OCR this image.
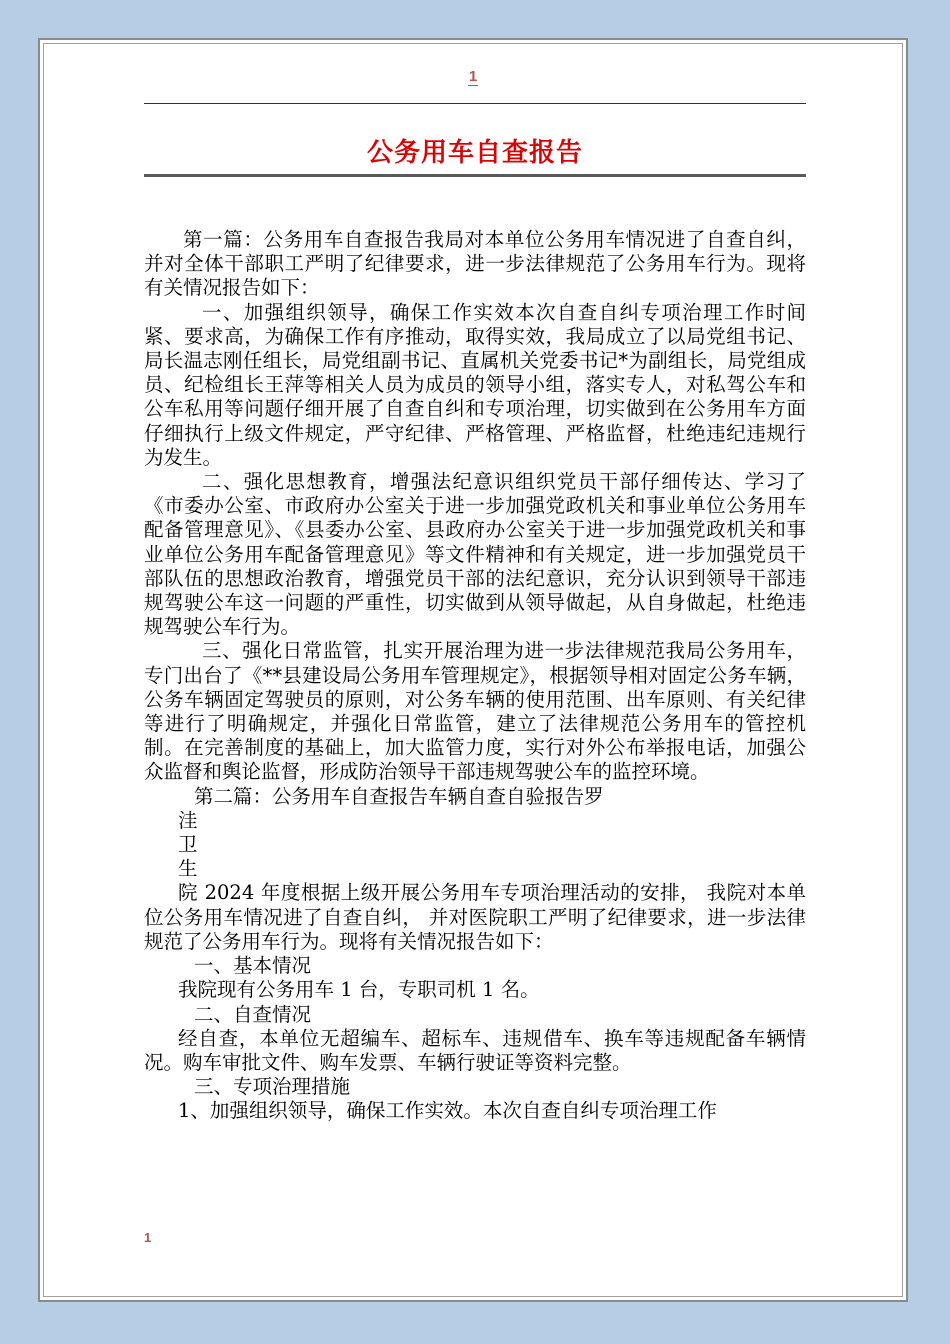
1
公务用车自查报告

第一篇：公务用车自查报告我局对本单位公务用车情况进了自查自纠，并对全体干部职工严明了纪律要求，进一步法律规范了公务用车行为。现将有关情况报告如下：

一、加强组织领导，确保工作实效本次自查自纠专项治理工作时间紧、要求高，为确保工作有序推动，取得实效，我局成立了以局党组书记、局长温志刚任组长，局党组副书记、直属机关党委书记*为副组长，局党组成员、纪检组长王萍等相关人员为成员的领导小组，落实专人，对私驾公车和公车私用等问题仔细开展了自查自纠和专项治理，切实做到在公务用车方面仔细执行上级文件规定，严守纪律、严格管理、严格监督，杜绝违纪违规行为发生。

二、强化思想教育，增强法纪意识组织党员干部仔细传达、学习了《市委办公室、市政府办公室关于进一步加强党政机关和事业单位公务用车配备管理意见》、《县委办公室、县政府办公室关于进一步加强党政机关和事业单位公务用车配备管理意见》等文件精神和有关规定，进一步加强党员干部队伍的思想政治教育，增强党员干部的法纪意识，充分认识到领导干部违规驾驶公车这一问题的严重性，切实做到从领导做起，从自身做起，杜绝违规驾驶公车行为。

三、强化日常监管，扎实开展治理为进一步法律规范我局公务用车，专门出台了《**县建设局公务用车管理规定》，根据领导相对固定公务车辆，公务车辆固定驾驶员的原则，对公务车辆的使用范围、出车原则、有关纪律等进行了明确规定，并强化日常监管，建立了法律规范公务用车的管控机制。在完善制度的基础上，加大监管力度，实行对外公布举报电话，加强公众监督和舆论监督，形成防治领导干部违规驾驶公车的监控环境。

第二篇：公务用车自查报告车辆自查自验报告罗

洼

卫

生

院 2024 年度根据上级开展公务用车专项治理活动的安排， 我院对本单位公务用车情况进了自查自纠， 并对医院职工严明了纪律要求，进一步法律规范了公务用车行为。现将有关情况报告如下：

一、基本情况

我院现有公务用车 1 台，专职司机 1 名。

二、自查情况

经自查，本单位无超编车、超标车、违规借车、换车等违规配备车辆情况。购车审批文件、购车发票、车辆行驶证等资料完整。

三、专项治理措施

1、加强组织领导，确保工作实效。本次自查自纠专项治理工作

1
